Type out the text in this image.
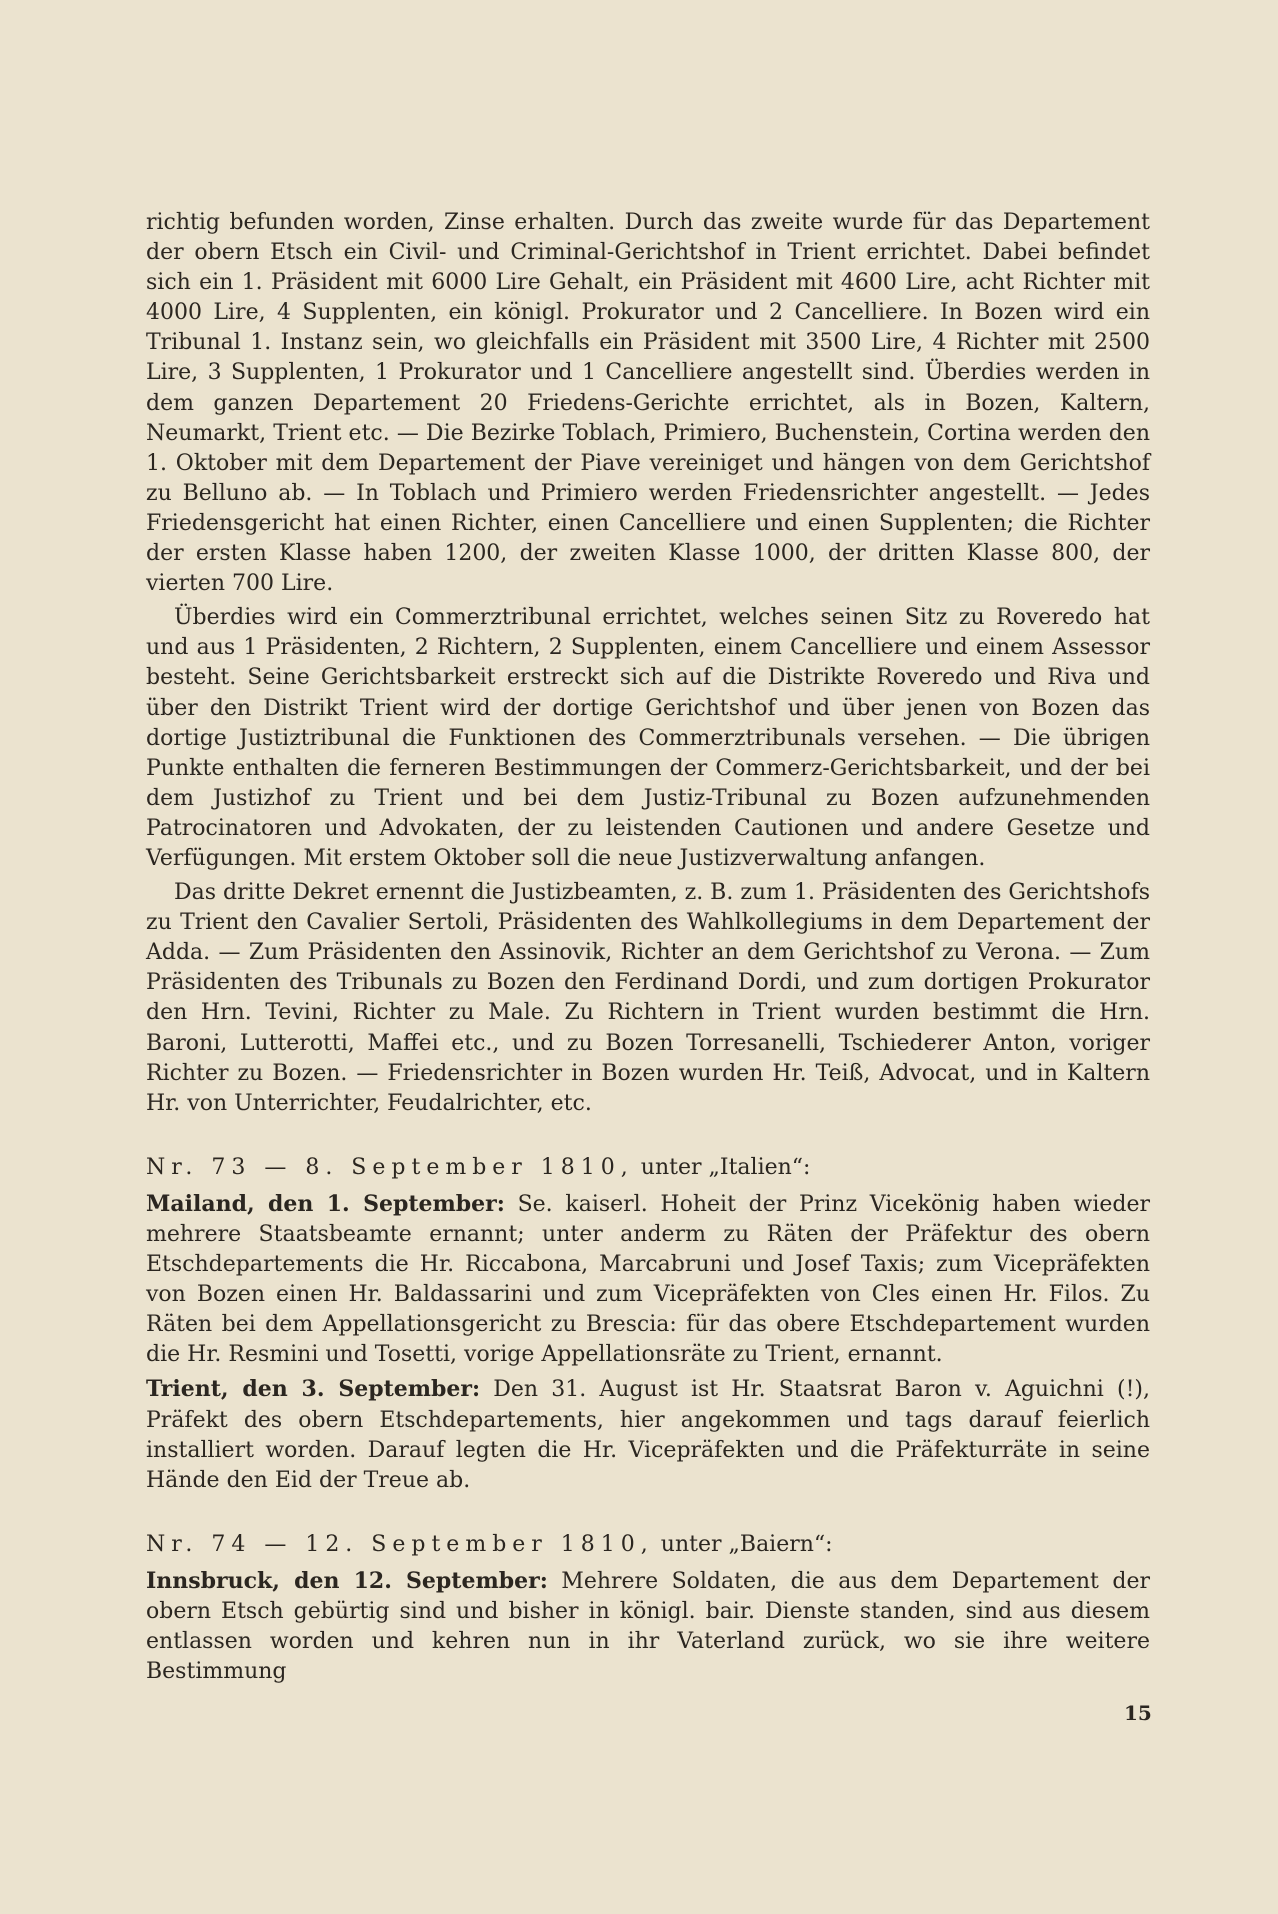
richtig befunden worden, Zinse erhalten. Durch das zweite wurde für das Departement der obern Etsch ein Civil- und Criminal-Gerichtshof in Trient errichtet. Dabei befindet sich ein 1. Präsident mit 6000 Lire Gehalt, ein Präsident mit 4600 Lire, acht Richter mit 4000 Lire, 4 Supplenten, ein königl. Prokurator und 2 Cancelliere. In Bozen wird ein Tribunal 1. Instanz sein, wo gleichfalls ein Präsident mit 3500 Lire, 4 Richter mit 2500 Lire, 3 Supplenten, 1 Prokurator und 1 Cancelliere angestellt sind. Überdies werden in dem ganzen Departement 20 Friedens-Gerichte errichtet, als in Bozen, Kaltern, Neumarkt, Trient etc. — Die Bezirke Toblach, Primiero, Buchenstein, Cortina werden den 1. Oktober mit dem Departement der Piave vereiniget und hängen von dem Gerichtshof zu Belluno ab. — In Toblach und Primiero werden Friedensrichter angestellt. — Jedes Friedensgericht hat einen Richter, einen Cancelliere und einen Supplenten; die Richter der ersten Klasse haben 1200, der zweiten Klasse 1000, der dritten Klasse 800, der vierten 700 Lire.

Überdies wird ein Commerztribunal errichtet, welches seinen Sitz zu Roveredo hat und aus 1 Präsidenten, 2 Richtern, 2 Supplenten, einem Cancelliere und einem Assessor besteht. Seine Gerichtsbarkeit erstreckt sich auf die Distrikte Roveredo und Riva und über den Distrikt Trient wird der dortige Gerichtshof und über jenen von Bozen das dortige Justiztribunal die Funktionen des Commerztribunals versehen. — Die übrigen Punkte enthalten die ferneren Bestimmungen der Commerz-Gerichtsbarkeit, und der bei dem Justizhof zu Trient und bei dem Justiz-Tribunal zu Bozen aufzunehmenden Patrocinatoren und Advokaten, der zu leistenden Cautionen und andere Gesetze und Verfügungen. Mit erstem Oktober soll die neue Justizverwaltung anfangen.

Das dritte Dekret ernennt die Justizbeamten, z. B. zum 1. Präsidenten des Gerichtshofs zu Trient den Cavalier Sertoli, Präsidenten des Wahlkollegiums in dem Departement der Adda. — Zum Präsidenten den Assinovik, Richter an dem Gerichtshof zu Verona. — Zum Präsidenten des Tribunals zu Bozen den Ferdinand Dordi, und zum dortigen Prokurator den Hrn. Tevini, Richter zu Male. Zu Richtern in Trient wurden bestimmt die Hrn. Baroni, Lutterotti, Maffei etc., und zu Bozen Torresanelli, Tschiederer Anton, voriger Richter zu Bozen. — Friedensrichter in Bozen wurden Hr. Teiß, Advocat, und in Kaltern Hr. von Unterrichter, Feudalrichter, etc.

Nr. 73 — 8. September 1810, unter „Italien“:

Mailand, den 1. September: Se. kaiserl. Hoheit der Prinz Vicekönig haben wieder mehrere Staatsbeamte ernannt; unter anderm zu Räten der Präfektur des obern Etschdepartements die Hr. Riccabona, Marcabruni und Josef Taxis; zum Vicepräfekten von Bozen einen Hr. Baldassarini und zum Vicepräfekten von Cles einen Hr. Filos. Zu Räten bei dem Appellationsgericht zu Brescia: für das obere Etschdepartement wurden die Hr. Resmini und Tosetti, vorige Appellationsräte zu Trient, ernannt.

Trient, den 3. September: Den 31. August ist Hr. Staatsrat Baron v. Aguichni (!), Präfekt des obern Etschdepartements, hier angekommen und tags darauf feierlich installiert worden. Darauf legten die Hr. Vicepräfekten und die Präfekturräte in seine Hände den Eid der Treue ab.

Nr. 74 — 12. September 1810, unter „Baiern“:

Innsbruck, den 12. September: Mehrere Soldaten, die aus dem Departement der obern Etsch gebürtig sind und bisher in königl. bair. Dienste standen, sind aus diesem entlassen worden und kehren nun in ihr Vaterland zurück, wo sie ihre weitere Bestimmung

15
